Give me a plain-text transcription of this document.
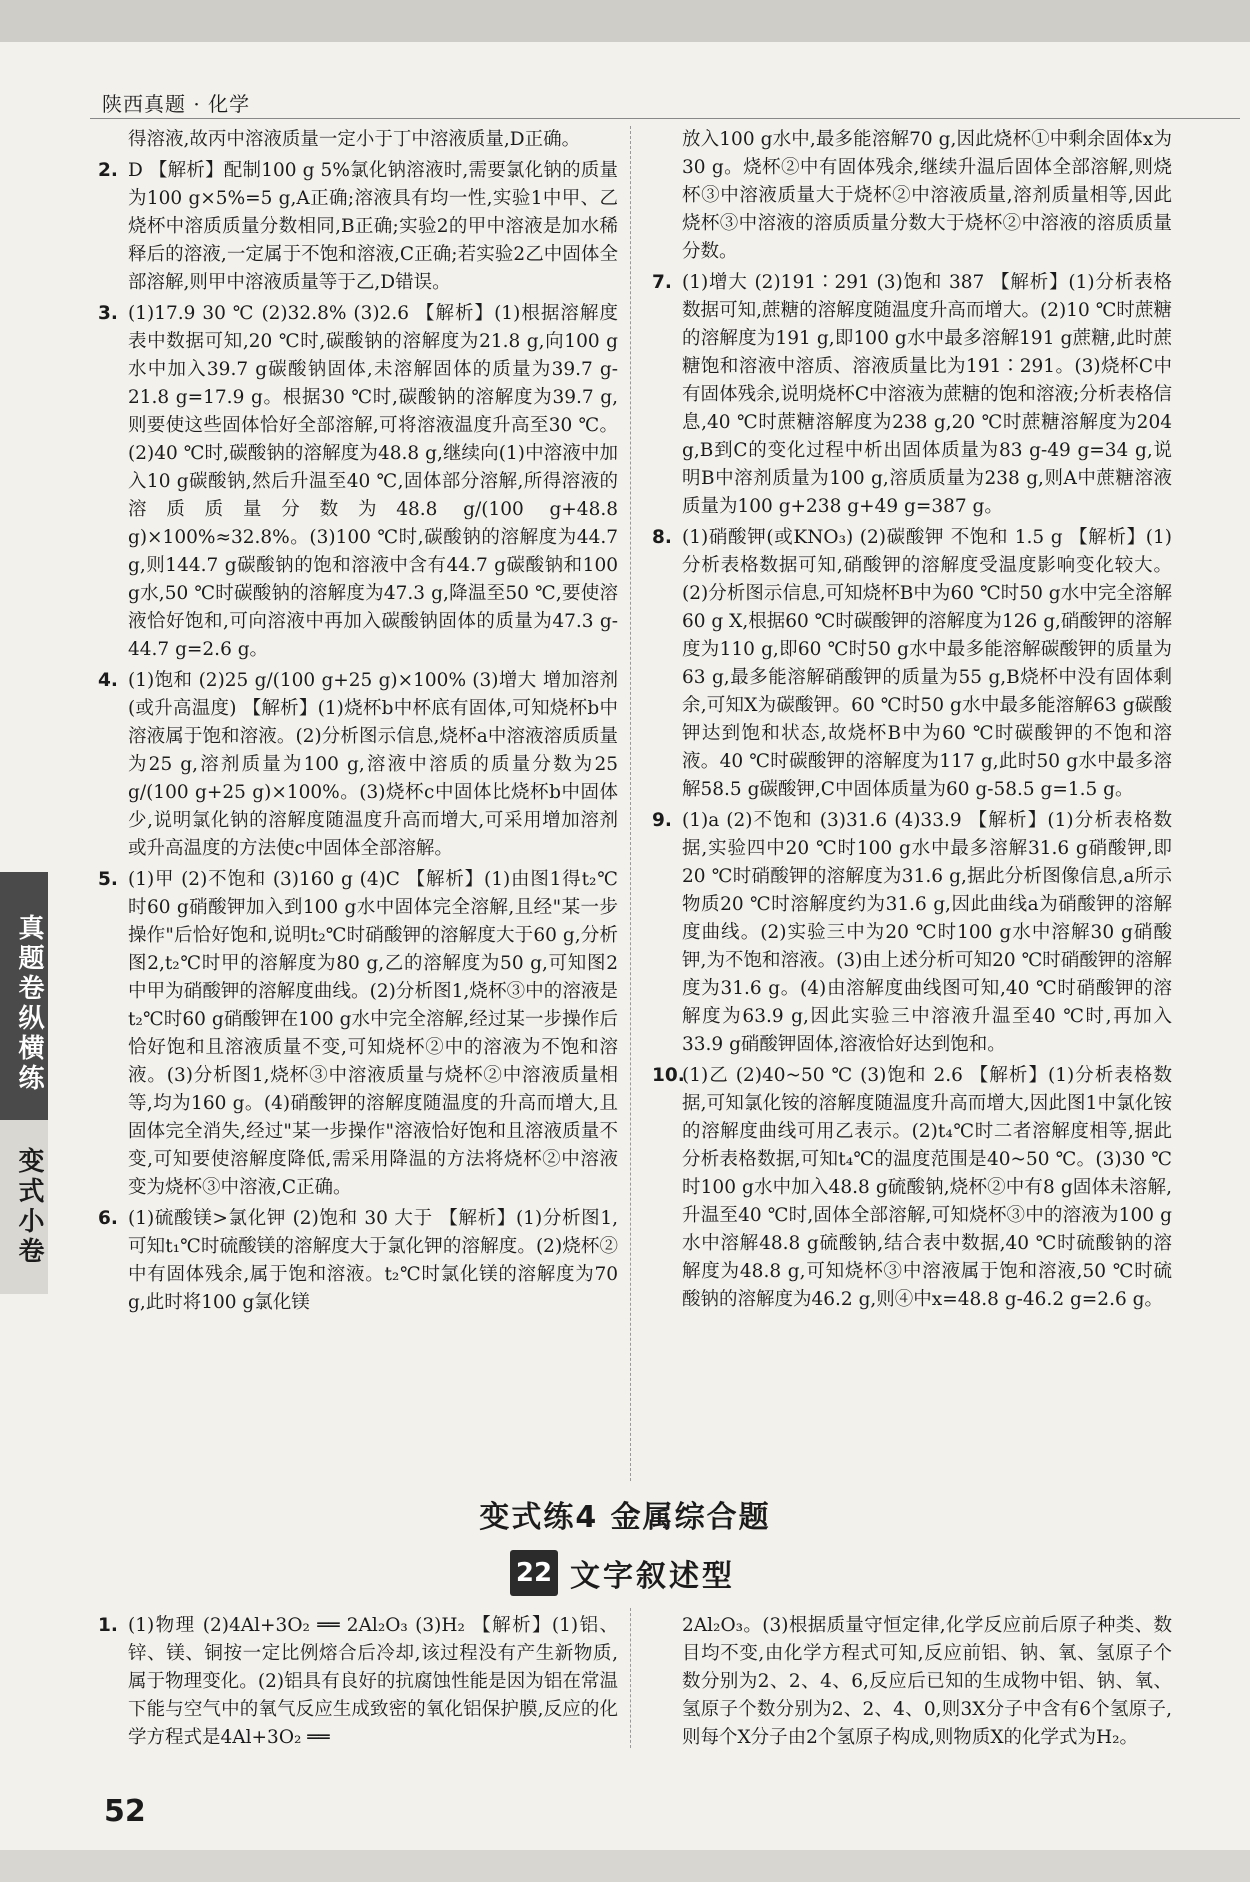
陕西真题 · 化学
真题卷纵横练
变式小卷
得溶液,故丙中溶液质量一定小于丁中溶液质量,D正确。
2. D 【解析】配制100 g 5%氯化钠溶液时,需要氯化钠的质量为100 g×5%=5 g,A正确;溶液具有均一性,实验1中甲、乙烧杯中溶质质量分数相同,B正确;实验2的甲中溶液是加水稀释后的溶液,一定属于不饱和溶液,C正确;若实验2乙中固体全部溶解,则甲中溶液质量等于乙,D错误。
3. (1)17.9 30 ℃ (2)32.8% (3)2.6 【解析】(1)根据溶解度表中数据可知,20 ℃时,碳酸钠的溶解度为21.8 g,向100 g水中加入39.7 g碳酸钠固体,未溶解固体的质量为39.7 g-21.8 g=17.9 g。根据30 ℃时,碳酸钠的溶解度为39.7 g,则要使这些固体恰好全部溶解,可将溶液温度升高至30 ℃。(2)40 ℃时,碳酸钠的溶解度为48.8 g,继续向(1)中溶液中加入10 g碳酸钠,然后升温至40 ℃,固体部分溶解,所得溶液的溶质质量分数为48.8 g/(100 g+48.8 g)×100%≈32.8%。(3)100 ℃时,碳酸钠的溶解度为44.7 g,则144.7 g碳酸钠的饱和溶液中含有44.7 g碳酸钠和100 g水,50 ℃时碳酸钠的溶解度为47.3 g,降温至50 ℃,要使溶液恰好饱和,可向溶液中再加入碳酸钠固体的质量为47.3 g-44.7 g=2.6 g。
4. (1)饱和 (2)25 g/(100 g+25 g)×100% (3)增大 增加溶剂(或升高温度) 【解析】(1)烧杯b中杯底有固体,可知烧杯b中溶液属于饱和溶液。(2)分析图示信息,烧杯a中溶液溶质质量为25 g,溶剂质量为100 g,溶液中溶质的质量分数为25 g/(100 g+25 g)×100%。(3)烧杯c中固体比烧杯b中固体少,说明氯化钠的溶解度随温度升高而增大,可采用增加溶剂或升高温度的方法使c中固体全部溶解。
5. (1)甲 (2)不饱和 (3)160 g (4)C 【解析】(1)由图1得t₂℃时60 g硝酸钾加入到100 g水中固体完全溶解,且经"某一步操作"后恰好饱和,说明t₂℃时硝酸钾的溶解度大于60 g,分析图2,t₂℃时甲的溶解度为80 g,乙的溶解度为50 g,可知图2中甲为硝酸钾的溶解度曲线。(2)分析图1,烧杯③中的溶液是t₂℃时60 g硝酸钾在100 g水中完全溶解,经过某一步操作后恰好饱和且溶液质量不变,可知烧杯②中的溶液为不饱和溶液。(3)分析图1,烧杯③中溶液质量与烧杯②中溶液质量相等,均为160 g。(4)硝酸钾的溶解度随温度的升高而增大,且固体完全消失,经过"某一步操作"溶液恰好饱和且溶液质量不变,可知要使溶解度降低,需采用降温的方法将烧杯②中溶液变为烧杯③中溶液,C正确。
6. (1)硫酸镁>氯化钾 (2)饱和 30 大于 【解析】(1)分析图1,可知t₁℃时硫酸镁的溶解度大于氯化钾的溶解度。(2)烧杯②中有固体残余,属于饱和溶液。t₂℃时氯化镁的溶解度为70 g,此时将100 g氯化镁
放入100 g水中,最多能溶解70 g,因此烧杯①中剩余固体x为30 g。烧杯②中有固体残余,继续升温后固体全部溶解,则烧杯③中溶液质量大于烧杯②中溶液质量,溶剂质量相等,因此烧杯③中溶液的溶质质量分数大于烧杯②中溶液的溶质质量分数。
7. (1)增大 (2)191∶291 (3)饱和 387 【解析】(1)分析表格数据可知,蔗糖的溶解度随温度升高而增大。(2)10 ℃时蔗糖的溶解度为191 g,即100 g水中最多溶解191 g蔗糖,此时蔗糖饱和溶液中溶质、溶液质量比为191∶291。(3)烧杯C中有固体残余,说明烧杯C中溶液为蔗糖的饱和溶液;分析表格信息,40 ℃时蔗糖溶解度为238 g,20 ℃时蔗糖溶解度为204 g,B到C的变化过程中析出固体质量为83 g-49 g=34 g,说明B中溶剂质量为100 g,溶质质量为238 g,则A中蔗糖溶液质量为100 g+238 g+49 g=387 g。
8. (1)硝酸钾(或KNO₃) (2)碳酸钾 不饱和 1.5 g 【解析】(1)分析表格数据可知,硝酸钾的溶解度受温度影响变化较大。(2)分析图示信息,可知烧杯B中为60 ℃时50 g水中完全溶解60 g X,根据60 ℃时碳酸钾的溶解度为126 g,硝酸钾的溶解度为110 g,即60 ℃时50 g水中最多能溶解碳酸钾的质量为63 g,最多能溶解硝酸钾的质量为55 g,B烧杯中没有固体剩余,可知X为碳酸钾。60 ℃时50 g水中最多能溶解63 g碳酸钾达到饱和状态,故烧杯B中为60 ℃时碳酸钾的不饱和溶液。40 ℃时碳酸钾的溶解度为117 g,此时50 g水中最多溶解58.5 g碳酸钾,C中固体质量为60 g-58.5 g=1.5 g。
9. (1)a (2)不饱和 (3)31.6 (4)33.9 【解析】(1)分析表格数据,实验四中20 ℃时100 g水中最多溶解31.6 g硝酸钾,即20 ℃时硝酸钾的溶解度为31.6 g,据此分析图像信息,a所示物质20 ℃时溶解度约为31.6 g,因此曲线a为硝酸钾的溶解度曲线。(2)实验三中为20 ℃时100 g水中溶解30 g硝酸钾,为不饱和溶液。(3)由上述分析可知20 ℃时硝酸钾的溶解度为31.6 g。(4)由溶解度曲线图可知,40 ℃时硝酸钾的溶解度为63.9 g,因此实验三中溶液升温至40 ℃时,再加入33.9 g硝酸钾固体,溶液恰好达到饱和。
10.
(1)乙 (2)40~50 ℃ (3)饱和 2.6 【解析】(1)分析表格数据,可知氯化铵的溶解度随温度升高而增大,因此图1中氯化铵的溶解度曲线可用乙表示。(2)t₄℃时二者溶解度相等,据此分析表格数据,可知t₄℃的温度范围是40~50 ℃。(3)30 ℃时100 g水中加入48.8 g硫酸钠,烧杯②中有8 g固体未溶解,升温至40 ℃时,固体全部溶解,可知烧杯③中的溶液为100 g水中溶解48.8 g硫酸钠,结合表中数据,40 ℃时硫酸钠的溶解度为48.8 g,可知烧杯③中溶液属于饱和溶液,50 ℃时硫酸钠的溶解度为46.2 g,则④中x=48.8 g-46.2 g=2.6 g。
变式练4 金属综合题
22 文字叙述型
1. (1)物理 (2)4Al+3O₂ ══ 2Al₂O₃ (3)H₂ 【解析】(1)铝、锌、镁、铜按一定比例熔合后冷却,该过程没有产生新物质,属于物理变化。(2)铝具有良好的抗腐蚀性能是因为铝在常温下能与空气中的氧气反应生成致密的氧化铝保护膜,反应的化学方程式是4Al+3O₂ ══
2Al₂O₃。(3)根据质量守恒定律,化学反应前后原子种类、数目均不变,由化学方程式可知,反应前铝、钠、氧、氢原子个数分别为2、2、4、6,反应后已知的生成物中铝、钠、氧、氢原子个数分别为2、2、4、0,则3X分子中含有6个氢原子,则每个X分子由2个氢原子构成,则物质X的化学式为H₂。
52
